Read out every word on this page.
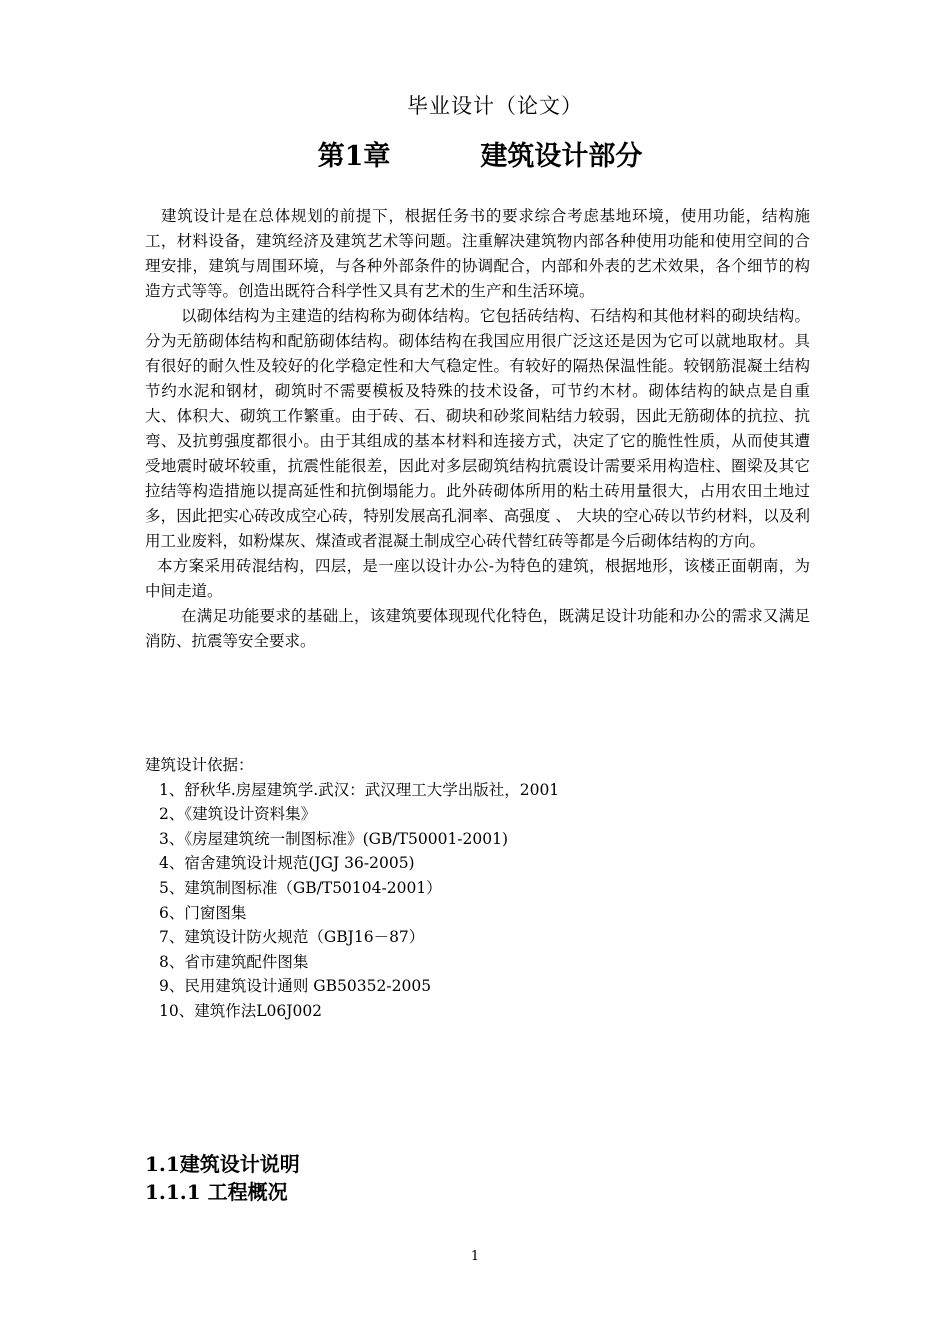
毕业设计（论文）
第1章	建筑设计部分

建筑设计是在总体规划的前提下，根据任务书的要求综合考虑基地环境，使用功能，结构施工，材料设备，建筑经济及建筑艺术等问题。注重解决建筑物内部各种使用功能和使用空间的合理安排，建筑与周围环境，与各种外部条件的协调配合，内部和外表的艺术效果，各个细节的构造方式等等。创造出既符合科学性又具有艺术的生产和生活环境。

以砌体结构为主建造的结构称为砌体结构。它包括砖结构、石结构和其他材料的砌块结构。分为无筋砌体结构和配筋砌体结构。砌体结构在我国应用很广泛这还是因为它可以就地取材。具有很好的耐久性及较好的化学稳定性和大气稳定性。有较好的隔热保温性能。较钢筋混凝土结构节约水泥和钢材，砌筑时不需要模板及特殊的技术设备，可节约木材。砌体结构的缺点是自重大、体积大、砌筑工作繁重。由于砖、石、砌块和砂浆间粘结力较弱，因此无筋砌体的抗拉、抗弯、及抗剪强度都很小。由于其组成的基本材料和连接方式，决定了它的脆性性质，从而使其遭受地震时破坏较重，抗震性能很差，因此对多层砌筑结构抗震设计需要采用构造柱、圈梁及其它拉结等构造措施以提高延性和抗倒塌能力。此外砖砌体所用的粘土砖用量很大，占用农田土地过多，因此把实心砖改成空心砖，特别发展高孔洞率、高强度 、 大块的空心砖以节约材料，以及利用工业废料，如粉煤灰、煤渣或者混凝土制成空心砖代替红砖等都是今后砌体结构的方向。

本方案采用砖混结构，四层，是一座以设计办公-为特色的建筑，根据地形，该楼正面朝南，为中间走道。

在满足功能要求的基础上，该建筑要体现现代化特色，既满足设计功能和办公的需求又满足消防、抗震等安全要求。

建筑设计依据：

1、舒秋华.房屋建筑学.武汉：武汉理工大学出版社，2001
2、《建筑设计资料集》
3、《房屋建筑统一制图标准》(GB/T50001-2001)
4、宿舍建筑设计规范(JGJ 36-2005)
5、建筑制图标准（GB/T50104-2001）
6、门窗图集
7、建筑设计防火规范（GBJ16－87）
8、省市建筑配件图集
9、民用建筑设计通则 GB50352-2005
10、建筑作法L06J002
1.1建筑设计说明
1.1.1 工程概况
1
